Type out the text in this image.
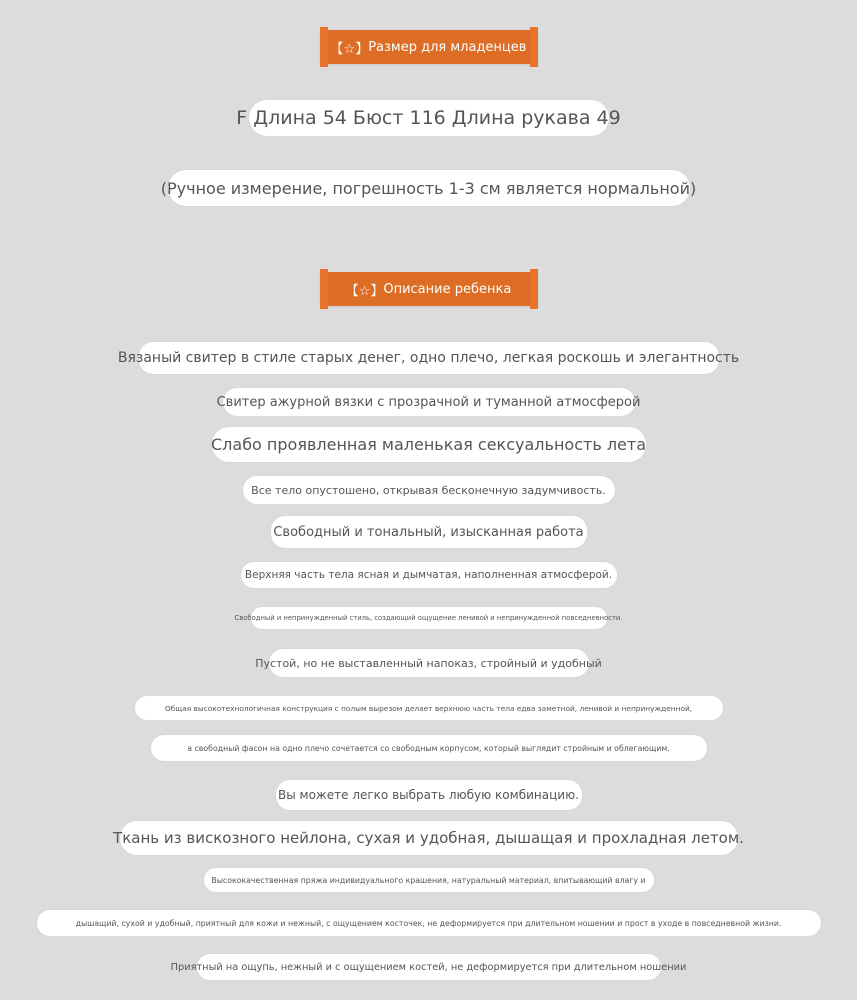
【☆】 Размер для младенцев
F Длина 54 Бюст 116 Длина рукава 49
(Ручное измерение, погрешность 1-3 см является нормальной)
【☆】 Описание ребенка
Вязаный свитер в стиле старых денег, одно плечо, легкая роскошь и элегантность
Свитер ажурной вязки с прозрачной и туманной атмосферой
Слабо проявленная маленькая сексуальность лета
Все тело опустошено, открывая бесконечную задумчивость.
Свободный и тональный, изысканная работа
Верхняя часть тела ясная и дымчатая, наполненная атмосферой.
Свободный и непринужденный стиль, создающий ощущение ленивой и непринужденной повседневности.
Пустой, но не выставленный напоказ, стройный и удобный
Общая высокотехнологичная конструкция с полым вырезом делает верхнюю часть тела едва заметной, ленивой и непринужденной,
а свободный фасон на одно плечо сочетается со свободным корпусом, который выглядит стройным и облегающим.
Вы можете легко выбрать любую комбинацию.
Ткань из вискозного нейлона, сухая и удобная, дышащая и прохладная летом.
Высококачественная пряжа индивидуального крашения, натуральный материал, впитывающий влагу и
дышащий, сухой и удобный, приятный для кожи и нежный, с ощущением косточек, не деформируется при длительном ношении и прост в уходе в повседневной жизни.
Приятный на ощупь, нежный и с ощущением костей, не деформируется при длительном ношении
